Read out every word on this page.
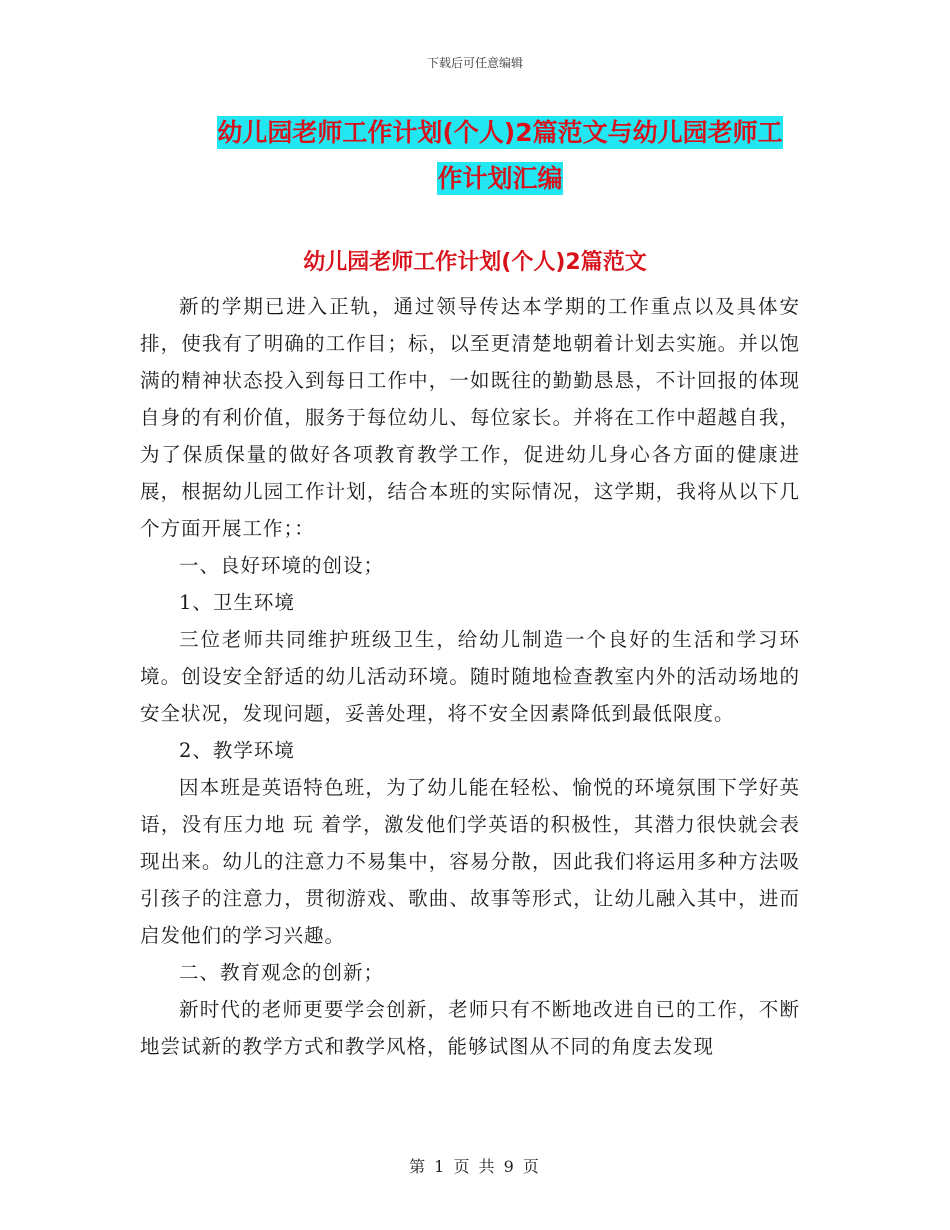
下载后可任意编辑
幼儿园老师工作计划(个人)2篇范文与幼儿园老师工
作计划汇编
幼儿园老师工作计划(个人)2篇范文

新的学期已进入正轨，通过领导传达本学期的工作重点以及具体安排，使我有了明确的工作目；标，以至更清楚地朝着计划去实施。并以饱满的精神状态投入到每日工作中，一如既往的勤勤恳恳，不计回报的体现自身的有利价值，服务于每位幼儿、每位家长。并将在工作中超越自我，为了保质保量的做好各项教育教学工作，促进幼儿身心各方面的健康进展，根据幼儿园工作计划，结合本班的实际情况，这学期，我将从以下几个方面开展工作；：

一、良好环境的创设；

1、卫生环境

三位老师共同维护班级卫生，给幼儿制造一个良好的生活和学习环境。创设安全舒适的幼儿活动环境。随时随地检查教室内外的活动场地的安全状况，发现问题，妥善处理，将不安全因素降低到最低限度。

2、教学环境

因本班是英语特色班，为了幼儿能在轻松、愉悦的环境氛围下学好英语，没有压力地 玩 着学，激发他们学英语的积极性，其潜力很快就会表现出来。幼儿的注意力不易集中，容易分散，因此我们将运用多种方法吸引孩子的注意力，贯彻游戏、歌曲、故事等形式，让幼儿融入其中，进而启发他们的学习兴趣。

二、教育观念的创新；

新时代的老师更要学会创新，老师只有不断地改进自已的工作，不断地尝试新的教学方式和教学风格，能够试图从不同的角度去发现

第 1 页 共 9 页
